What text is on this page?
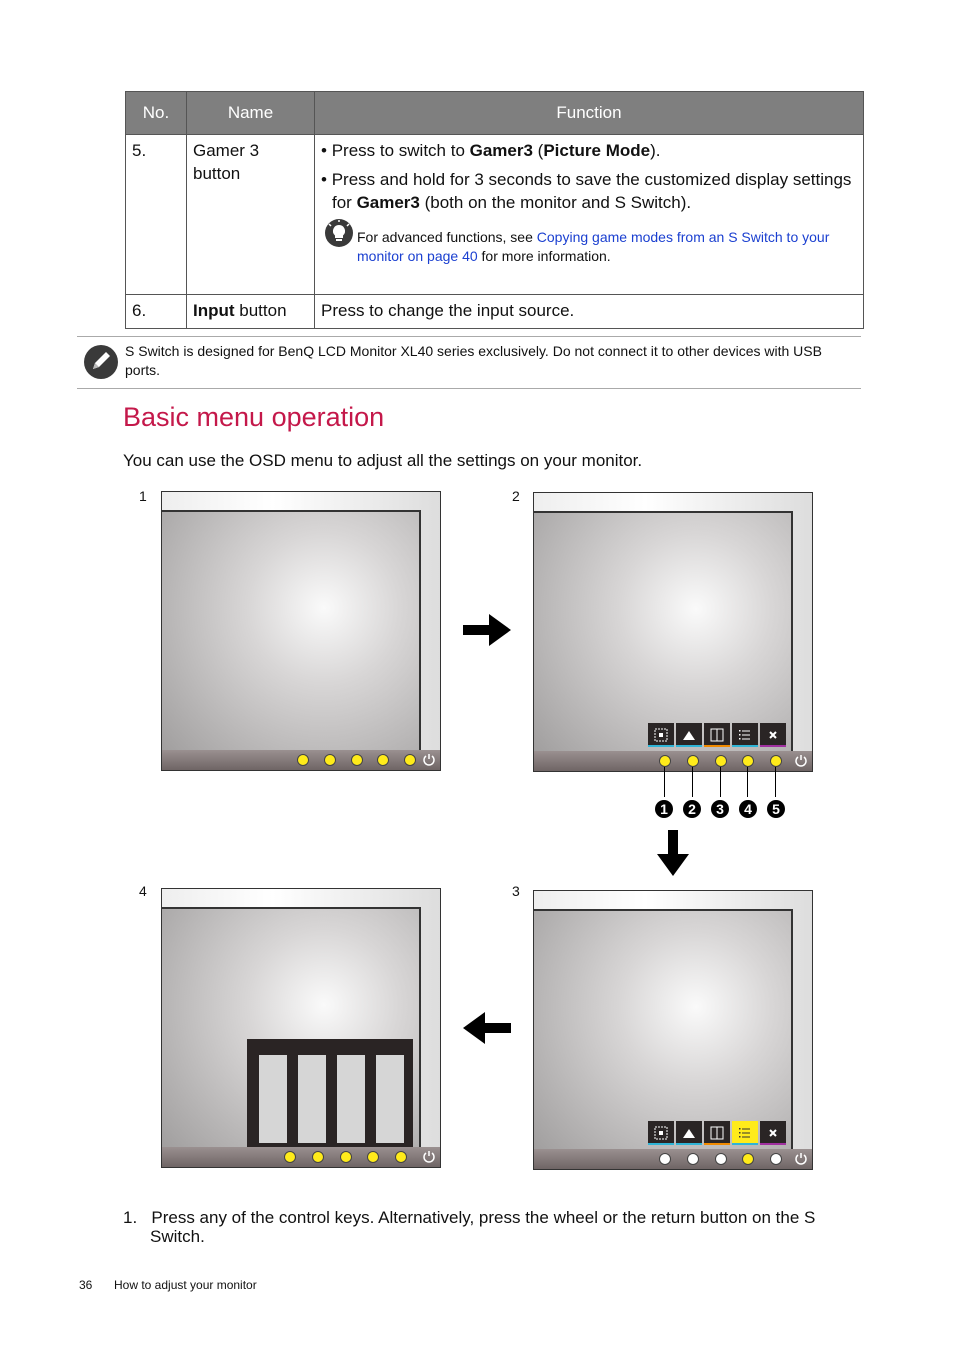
No.	Name	Function
5.	Gamer 3 button	• Press to switch to Gamer3 (Picture Mode).
• Press and hold for 3 seconds to save the customized display settings for Gamer3 (both on the monitor and S Switch).
For advanced functions, see Copying game modes from an S Switch to your monitor on page 40 for more information.

6.	Input button	Press to change the input source.
S Switch is designed for BenQ LCD Monitor XL40 series exclusively. Do not connect it to other devices with USB ports.
Basic menu operation
You can use the OSD menu to adjust all the settings on your monitor.
1	2
3
4
1	2	3	4	5
1. Press any of the control keys. Alternatively, press the wheel or the return button on the S Switch.
36 How to adjust your monitor
